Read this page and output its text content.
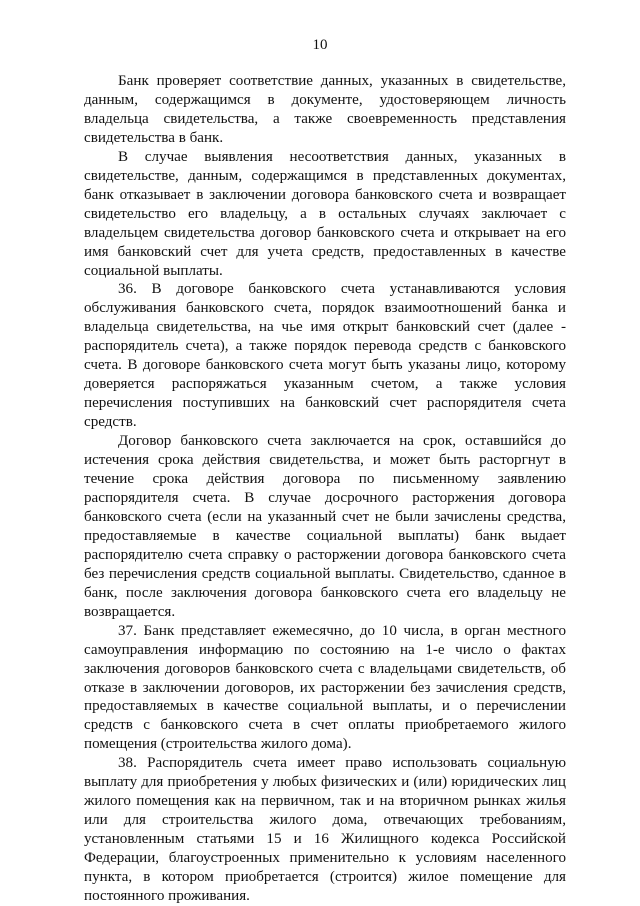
10

Банк проверяет соответствие данных, указанных в свидетельстве, данным, содержащимся в документе, удостоверяющем личность владельца свидетельства, а также своевременность представления свидетельства в банк.

В случае выявления несоответствия данных, указанных в свидетельстве, данным, содержащимся в представленных документах, банк отказывает в заключении договора банковского счета и возвращает свидетельство его владельцу, а в остальных случаях заключает с владельцем свидетельства договор банковского счета и открывает на его имя банковский счет для учета средств, предоставленных в качестве социальной выплаты.

36. В договоре банковского счета устанавливаются условия обслуживания банковского счета, порядок взаимоотношений банка и владельца свидетельства, на чье имя открыт банковский счет (далее - распорядитель счета), а также порядок перевода средств с банковского счета. В договоре банковского счета могут быть указаны лицо, которому доверяется распоряжаться указанным счетом, а также условия перечисления поступивших на банковский счет распорядителя счета средств.

Договор банковского счета заключается на срок, оставшийся до истечения срока действия свидетельства, и может быть расторгнут в течение срока действия договора по письменному заявлению распорядителя счета. В случае досрочного расторжения договора банковского счета (если на указанный счет не были зачислены средства, предоставляемые в качестве социальной выплаты) банк выдает распорядителю счета справку о расторжении договора банковского счета без перечисления средств социальной выплаты. Свидетельство, сданное в банк, после заключения договора банковского счета его владельцу не возвращается.

37. Банк представляет ежемесячно, до 10 числа, в орган местного самоуправления информацию по состоянию на 1-е число о фактах заключения договоров банковского счета с владельцами свидетельств, об отказе в заключении договоров, их расторжении без зачисления средств, предоставляемых в качестве социальной выплаты, и о перечислении средств с банковского счета в счет оплаты приобретаемого жилого помещения (строительства жилого дома).

38. Распорядитель счета имеет право использовать социальную выплату для приобретения у любых физических и (или) юридических лиц жилого помещения как на первичном, так и на вторичном рынках жилья или для строительства жилого дома, отвечающих требованиям, установленным статьями 15 и 16 Жилищного кодекса Российской Федерации, благоустроенных применительно к условиям населенного пункта, в котором приобретается (строится) жилое помещение для постоянного проживания.
